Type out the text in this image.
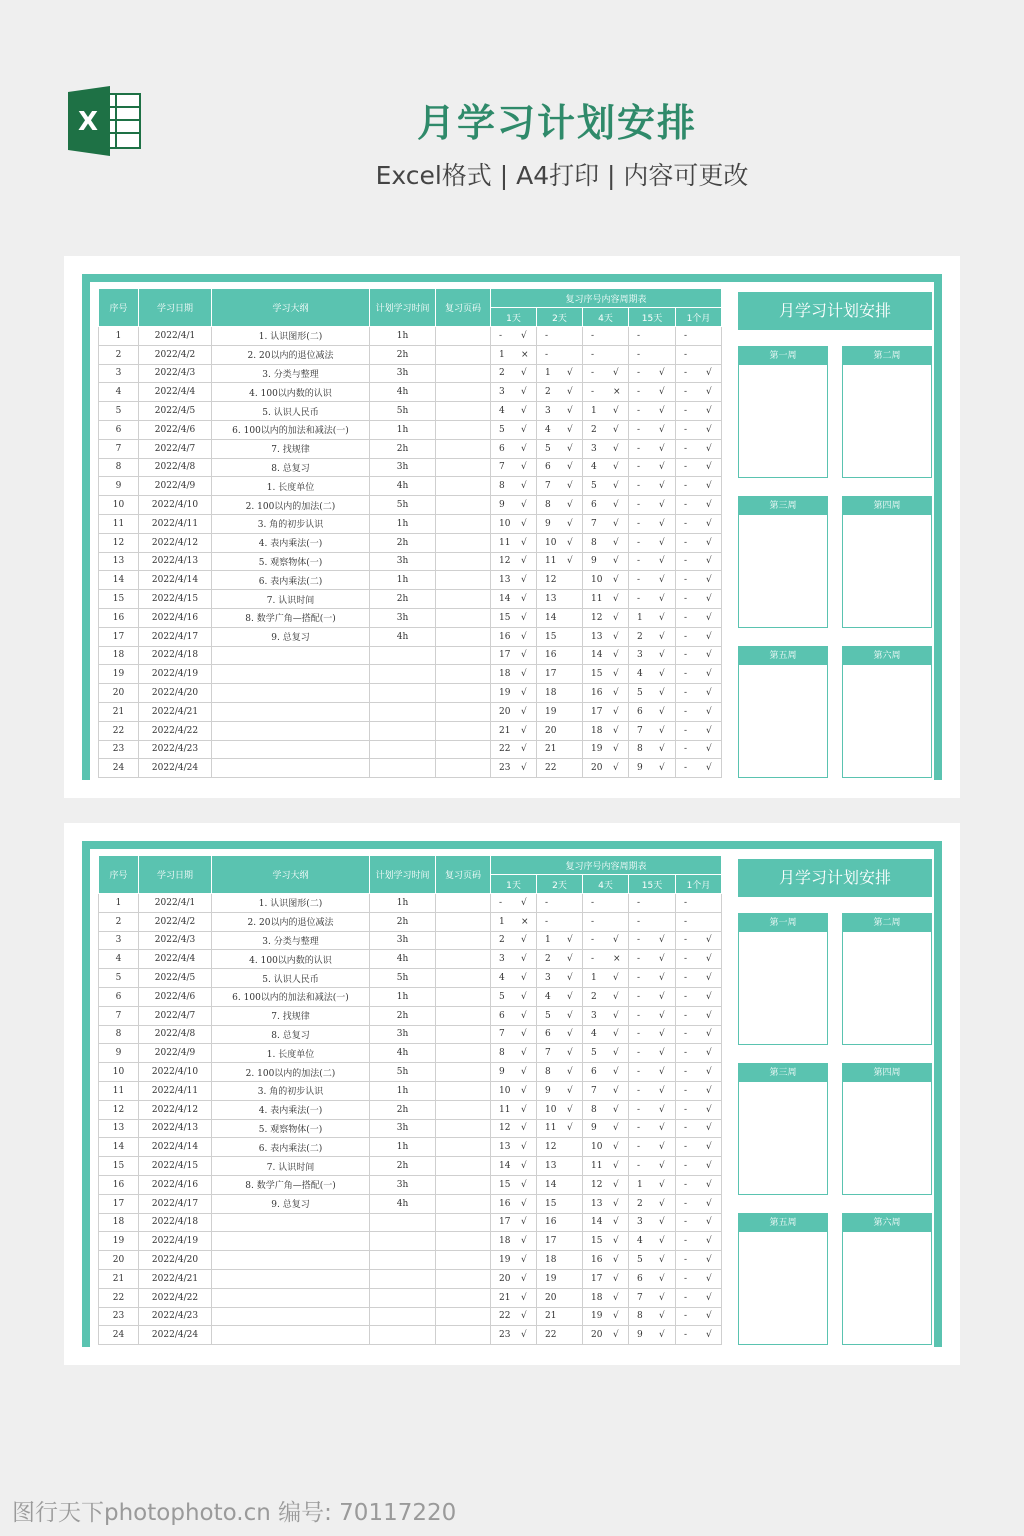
X	月学习计划安排
Excel格式 | A4打印 | 内容可更改
序号	学习日期	学习大纲	计划学习时间	复习页码	复习序号内容周期表				
					1天	2天	4天	15天	1个月
1	2022/4/1	1. 认识图形(二)	1h		- √	-	-	-	-
2	2022/4/2	2. 20以内的退位减法	2h		1 ×	-	-	-	-
3	2022/4/3	3. 分类与整理	3h		2 √	1 √	- √	- √	- √
4	2022/4/4	4. 100以内数的认识	4h		3 √	2 √	- ×	- √	- √
5	2022/4/5	5. 认识人民币	5h		4 √	3 √	1 √	- √	- √
6	2022/4/6	6. 100以内的加法和减法(一)	1h		5 √	4 √	2 √	- √	- √
7	2022/4/7	7. 找规律	2h		6 √	5 √	3 √	- √	- √
8	2022/4/8	8. 总复习	3h		7 √	6 √	4 √	- √	- √
9	2022/4/9	1. 长度单位	4h		8 √	7 √	5 √	- √	- √
10	2022/4/10	2. 100以内的加法(二)	5h		9 √	8 √	6 √	- √	- √
11	2022/4/11	3. 角的初步认识	1h		10 √	9 √	7 √	- √	- √
12	2022/4/12	4. 表内乘法(一)	2h		11 √	10 √	8 √	- √	- √
13	2022/4/13	5. 观察物体(一)	3h		12 √	11 √	9 √	- √	- √
14	2022/4/14	6. 表内乘法(二)	1h		13 √	12	10 √	- √	- √
15	2022/4/15	7. 认识时间	2h		14 √	13	11 √	- √	- √
16	2022/4/16	8. 数学广角—搭配(一)	3h		15 √	14	12 √	1 √	- √
17	2022/4/17	9. 总复习	4h		16 √	15	13 √	2 √	- √
18	2022/4/18				17 √	16	14 √	3 √	- √
19	2022/4/19				18 √	17	15 √	4 √	- √
20	2022/4/20				19 √	18	16 √	5 √	- √
21	2022/4/21				20 √	19	17 √	6 √	- √
22	2022/4/22				21 √	20	18 √	7 √	- √
23	2022/4/23				22 √	21	19 √	8 √	- √
24	2022/4/24				23 √	22	20 √	9 √	- √
月学习计划安排
第一周	第二周
第三周	第四周
第五周	第六周
序号	学习日期	学习大纲	计划学习时间	复习页码	复习序号内容周期表				
					1天	2天	4天	15天	1个月
1	2022/4/1	1. 认识图形(二)	1h		- √	-	-	-	-
2	2022/4/2	2. 20以内的退位减法	2h		1 ×	-	-	-	-
3	2022/4/3	3. 分类与整理	3h		2 √	1 √	- √	- √	- √
4	2022/4/4	4. 100以内数的认识	4h		3 √	2 √	- ×	- √	- √
5	2022/4/5	5. 认识人民币	5h		4 √	3 √	1 √	- √	- √
6	2022/4/6	6. 100以内的加法和减法(一)	1h		5 √	4 √	2 √	- √	- √
7	2022/4/7	7. 找规律	2h		6 √	5 √	3 √	- √	- √
8	2022/4/8	8. 总复习	3h		7 √	6 √	4 √	- √	- √
9	2022/4/9	1. 长度单位	4h		8 √	7 √	5 √	- √	- √
10	2022/4/10	2. 100以内的加法(二)	5h		9 √	8 √	6 √	- √	- √
11	2022/4/11	3. 角的初步认识	1h		10 √	9 √	7 √	- √	- √
12	2022/4/12	4. 表内乘法(一)	2h		11 √	10 √	8 √	- √	- √
13	2022/4/13	5. 观察物体(一)	3h		12 √	11 √	9 √	- √	- √
14	2022/4/14	6. 表内乘法(二)	1h		13 √	12	10 √	- √	- √
15	2022/4/15	7. 认识时间	2h		14 √	13	11 √	- √	- √
16	2022/4/16	8. 数学广角—搭配(一)	3h		15 √	14	12 √	1 √	- √
17	2022/4/17	9. 总复习	4h		16 √	15	13 √	2 √	- √
18	2022/4/18				17 √	16	14 √	3 √	- √
19	2022/4/19				18 √	17	15 √	4 √	- √
20	2022/4/20				19 √	18	16 √	5 √	- √
21	2022/4/21				20 √	19	17 √	6 √	- √
22	2022/4/22				21 √	20	18 √	7 √	- √
23	2022/4/23				22 √	21	19 √	8 √	- √
24	2022/4/24				23 √	22	20 √	9 √	- √
月学习计划安排
第一周	第二周
第三周	第四周
第五周	第六周
图行天下photophoto.cn 编号: 70117220
